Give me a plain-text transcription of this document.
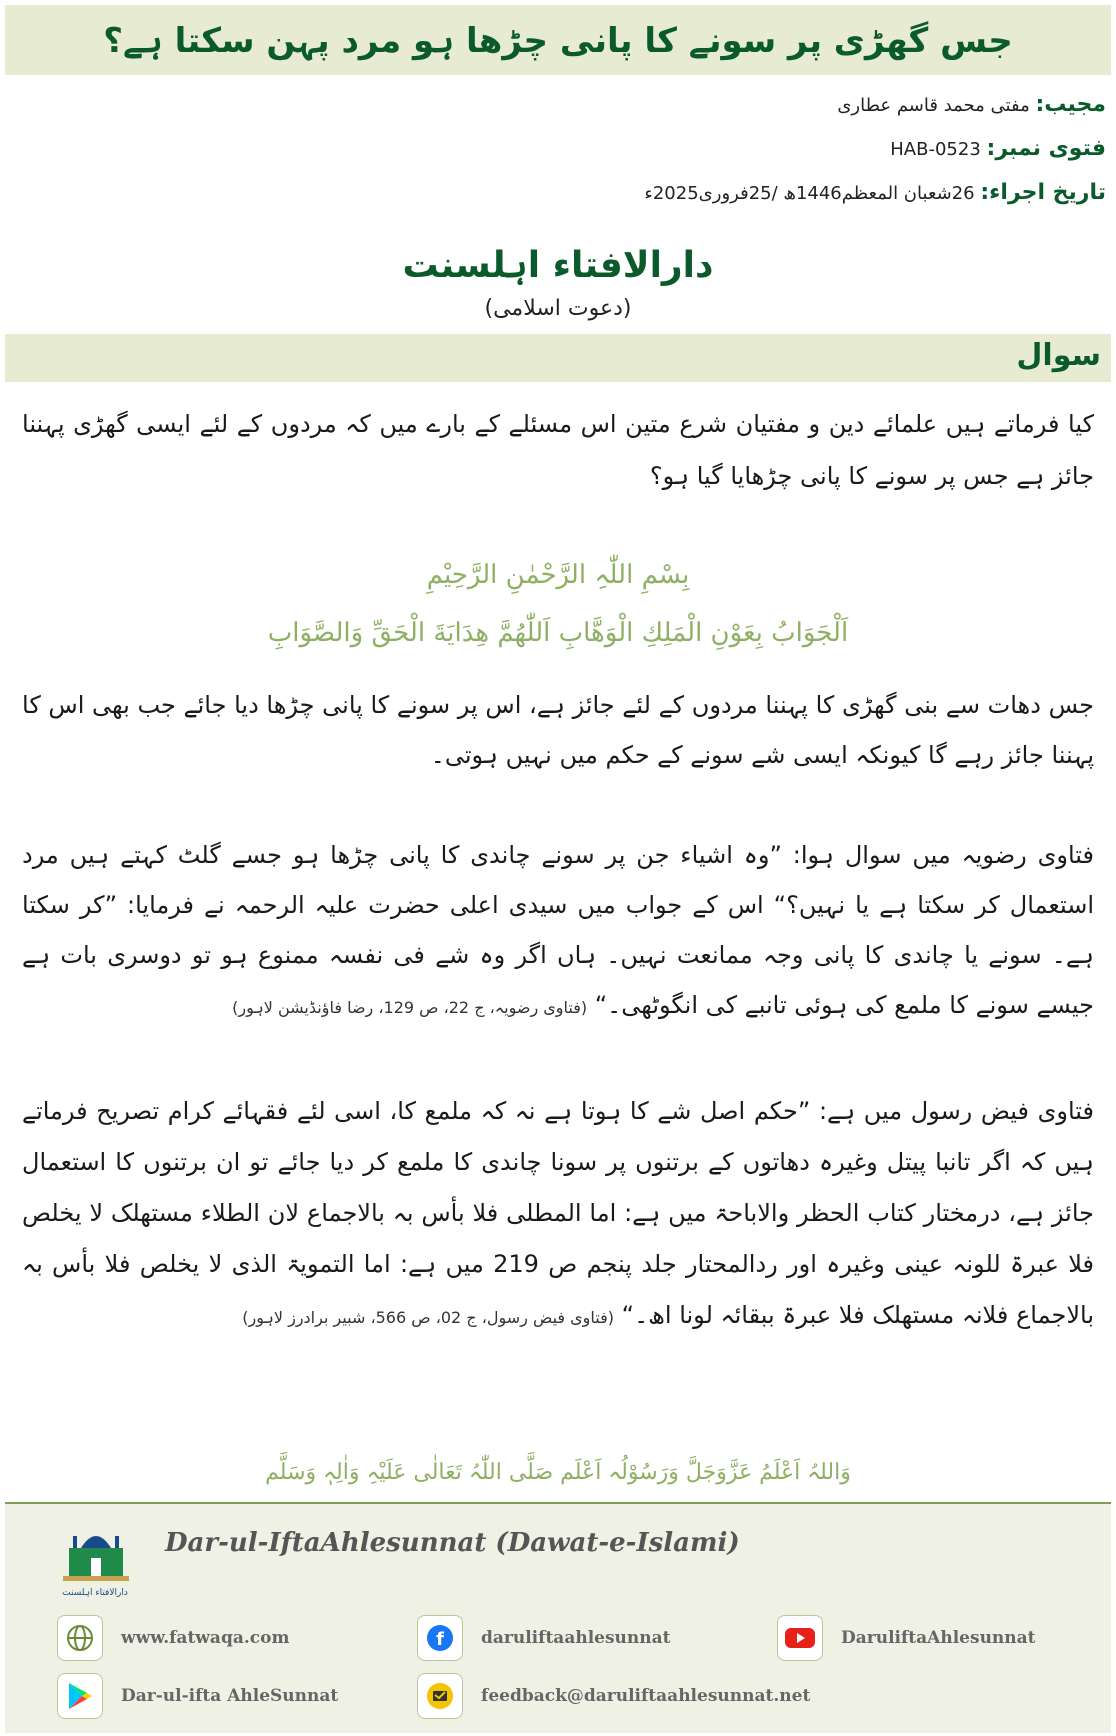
جس گھڑی پر سونے کا پانی چڑھا ہو مرد پہن سکتا ہے؟
مجیب: مفتی محمد قاسم عطاری
فتوی نمبر: HAB-0523
تاریخ اجراء: 26شعبان المعظم1446ھ /25فروری2025ء
دارالافتاء اہلسنت
(دعوت اسلامی)
سوال
کیا فرماتے ہیں علمائے دین و مفتیان شرع متین اس مسئلے کے بارے میں کہ مردوں کے لئے ایسی گھڑی پہننا جائز ہے جس پر سونے کا پانی چڑھایا گیا ہو؟
بِسْمِ اللّٰہِ الرَّحْمٰنِ الرَّحِیْمِ
اَلْجَوَابُ بِعَوْنِ الْمَلِكِ الْوَهَّابِ اَللّٰهُمَّ هِدَايَةَ الْحَقِّ وَالصَّوَابِ
جس دھات سے بنی گھڑی کا پہننا مردوں کے لئے جائز ہے، اس پر سونے کا پانی چڑھا دیا جائے جب بھی اس کا پہننا جائز رہے گا کیونکہ ایسی شے سونے کے حکم میں نہیں ہوتی۔
فتاوی رضویہ میں سوال ہوا: ”وہ اشیاء جن پر سونے چاندی کا پانی چڑھا ہو جسے گلٹ کہتے ہیں مرد استعمال کر سکتا ہے یا نہیں؟“ اس کے جواب میں سیدی اعلی حضرت علیہ الرحمہ نے فرمایا: ”کر سکتا ہے۔ سونے یا چاندی کا پانی وجہ ممانعت نہیں۔ ہاں اگر وہ شے فی نفسہ ممنوع ہو تو دوسری بات ہے جیسے سونے کا ملمع کی ہوئی تانبے کی انگوٹھی۔“ (فتاوی رضویہ، ج 22، ص 129، رضا فاؤنڈیشن لاہور)
فتاوی فیض رسول میں ہے: ”حکم اصل شے کا ہوتا ہے نہ کہ ملمع کا، اسی لئے فقہائے کرام تصریح فرماتے ہیں کہ اگر تانبا پیتل وغیرہ دھاتوں کے برتنوں پر سونا چاندی کا ملمع کر دیا جائے تو ان برتنوں کا استعمال جائز ہے، درمختار کتاب الحظر والاباحۃ میں ہے: اما المطلی فلا بأس بہ بالاجماع لان الطلاء مستھلک لا یخلص فلا عبرۃ للونہ عینی وغیرہ اور ردالمحتار جلد پنجم ص 219 میں ہے: اما التمویۃ الذی لا یخلص فلا بأس بہ بالاجماع فلانہ مستھلک فلا عبرۃ ببقائہ لونا اھ۔“ (فتاوی فیض رسول، ج 02، ص 566، شبیر برادرز لاہور)
وَاللہُ اَعْلَمُ عَزَّوَجَلَّ وَرَسُوْلُہ اَعْلَم صَلَّی اللّٰہُ تَعَالٰی عَلَیْہِ وَاٰلِہٖ وَسَلَّم
دارالافتاء اہلسنت
Dar-ul-IftaAhlesunnat (Dawat-e-Islami)
www.fatwaqa.com	f daruliftaahlesunnat	DaruliftaAhlesunnat
Dar-ul-ifta AhleSunnat	feedback@daruliftaahlesunnat.net
